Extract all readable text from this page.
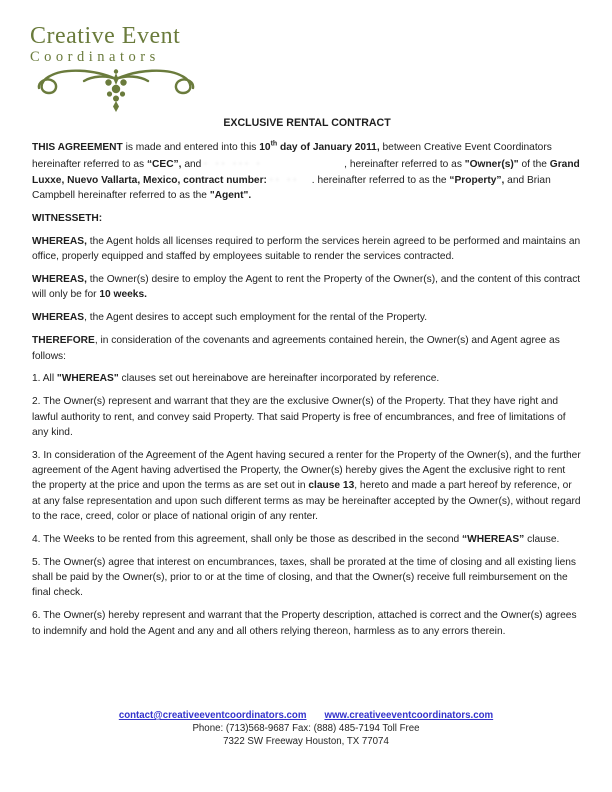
Creative Event
Coordinators
EXCLUSIVE RENTAL CONTRACT

THIS AGREEMENT is made and entered into this 10th day of January 2011, between Creative Event Coordinators hereinafter referred to as “CEC”, and · ·· ··· ·	, hereinafter referred to as "Owner(s)" of the Grand Luxxe, Nuevo Vallarta, Mexico, contract number: ·· ·· . hereinafter referred to as the “Property”, and Brian Campbell hereinafter referred to as the "Agent".

WITNESSETH:

WHEREAS, the Agent holds all licenses required to perform the services herein agreed to be performed and maintains an office, properly equipped and staffed by employees suitable to render the services contracted.

WHEREAS, the Owner(s) desire to employ the Agent to rent the Property of the Owner(s), and the content of this contract will only be for 10 weeks.

WHEREAS, the Agent desires to accept such employment for the rental of the Property.

THEREFORE, in consideration of the covenants and agreements contained herein, the Owner(s) and Agent agree as follows:

1. All "WHEREAS" clauses set out hereinabove are hereinafter incorporated by reference.

2. The Owner(s) represent and warrant that they are the exclusive Owner(s) of the Property. That they have right and lawful authority to rent, and convey said Property. That said Property is free of encumbrances, and free of limitations of any kind.

3. In consideration of the Agreement of the Agent having secured a renter for the Property of the Owner(s), and the further agreement of the Agent having advertised the Property, the Owner(s) hereby gives the Agent the exclusive right to rent the property at the price and upon the terms as are set out in clause 13, hereto and made a part hereof by reference, or at any false representation and upon such different terms as may be hereinafter accepted by the Owner(s), without regard to the race, creed, color or place of national origin of any renter.

4. The Weeks to be rented from this agreement, shall only be those as described in the second “WHEREAS” clause.

5. The Owner(s) agree that interest on encumbrances, taxes, shall be prorated at the time of closing and all existing liens shall be paid by the Owner(s), prior to or at the time of closing, and that the Owner(s) receive full reimbursement on the final check.

6. The Owner(s) hereby represent and warrant that the Property description, attached is correct and the Owner(s) agrees to indemnify and hold the Agent and any and all others relying thereon, harmless as to any errors therein.

contact@creativeeventcoordinators.com www.creativeeventcoordinators.com
Phone: (713)568-9687 Fax: (888) 485-7194 Toll Free
7322 SW Freeway Houston, TX 77074
